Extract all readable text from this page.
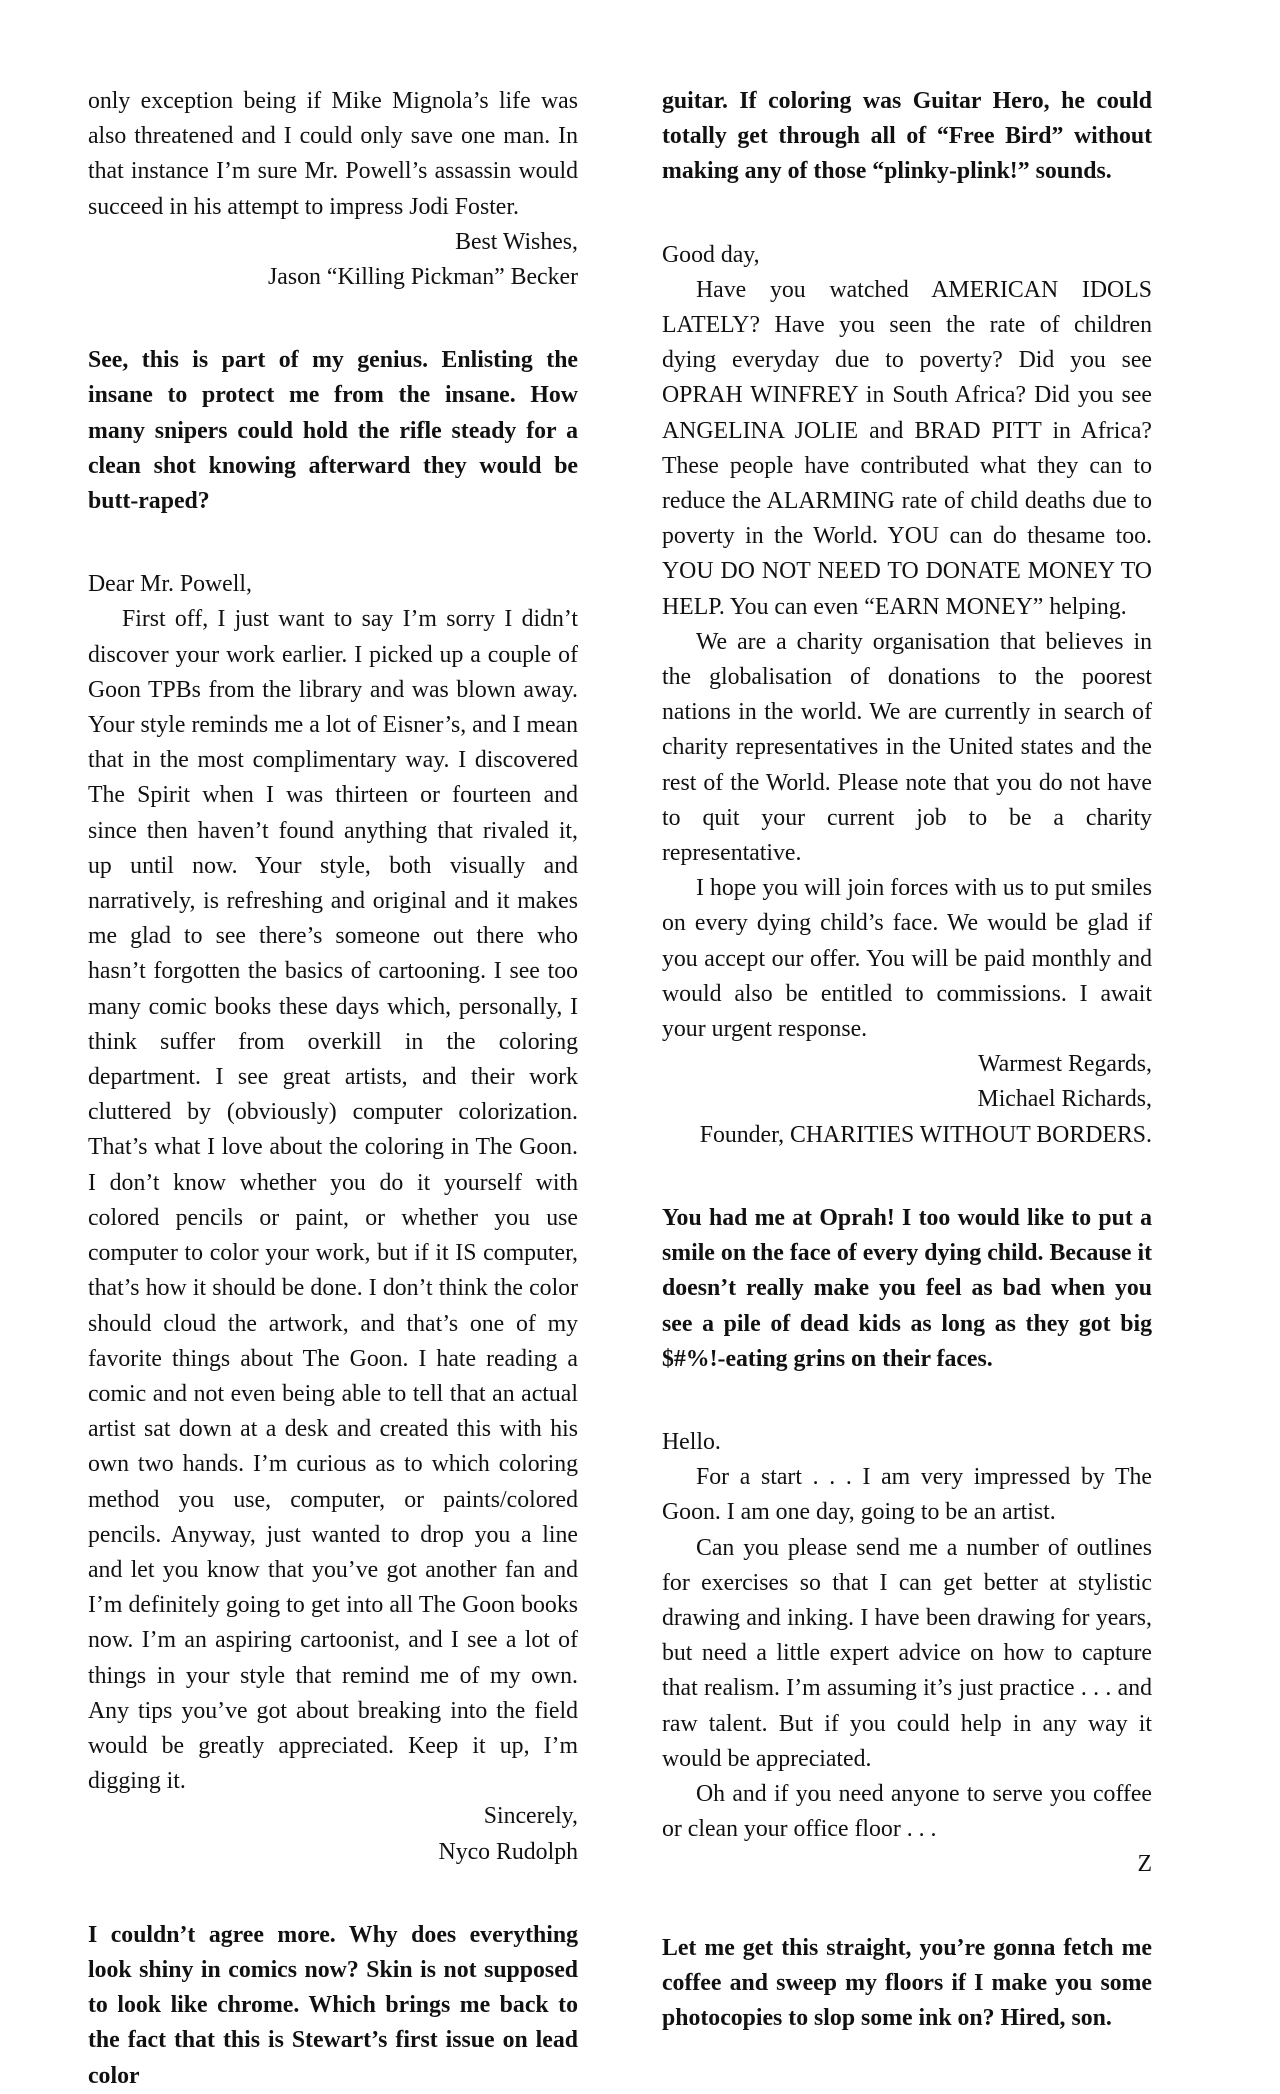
only exception being if Mike Mignola’s life was also threatened and I could only save one man. In that instance I’m sure Mr. Powell’s assassin would succeed in his attempt to impress Jodi Foster.

Best Wishes,

Jason “Killing Pickman” Becker

See, this is part of my genius. Enlisting the insane to protect me from the insane. How many snipers could hold the rifle steady for a clean shot knowing afterward they would be butt-raped?

Dear Mr. Powell,

First off, I just want to say I’m sorry I didn’t discover your work earlier. I picked up a couple of Goon TPBs from the library and was blown away. Your style reminds me a lot of Eisner’s, and I mean that in the most complimentary way. I discovered The Spirit when I was thirteen or fourteen and since then haven’t found anything that rivaled it, up until now. Your style, both visually and narratively, is refreshing and original and it makes me glad to see there’s someone out there who hasn’t forgotten the basics of cartooning. I see too many comic books these days which, personally, I think suffer from overkill in the coloring department. I see great artists, and their work cluttered by (obviously) computer colorization. That’s what I love about the coloring in The Goon. I don’t know whether you do it yourself with colored pencils or paint, or whether you use computer to color your work, but if it IS computer, that’s how it should be done. I don’t think the color should cloud the artwork, and that’s one of my favorite things about The Goon. I hate reading a comic and not even being able to tell that an actual artist sat down at a desk and created this with his own two hands. I’m curious as to which coloring method you use, computer, or paints/colored pencils. Anyway, just wanted to drop you a line and let you know that you’ve got another fan and I’m definitely going to get into all The Goon books now. I’m an aspiring cartoonist, and I see a lot of things in your style that remind me of my own. Any tips you’ve got about breaking into the field would be greatly appreciated. Keep it up, I’m digging it.

Sincerely,

Nyco Rudolph

I couldn’t agree more. Why does everything look shiny in comics now? Skin is not supposed to look like chrome. Which brings me back to the fact that this is Stewart’s first issue on lead color

guitar. If coloring was Guitar Hero, he could totally get through all of “Free Bird” without making any of those “plinky-plink!” sounds.

Good day,

Have you watched AMERICAN IDOLS LATELY? Have you seen the rate of children dying everyday due to poverty? Did you see OPRAH WINFREY in South Africa? Did you see ANGELINA JOLIE and BRAD PITT in Africa? These people have contributed what they can to reduce the ALARMING rate of child deaths due to poverty in the World. YOU can do thesame too. YOU DO NOT NEED TO DONATE MONEY TO HELP. You can even “EARN MONEY” helping.

We are a charity organisation that believes in the globalisation of donations to the poorest nations in the world. We are currently in search of charity representatives in the United states and the rest of the World. Please note that you do not have to quit your current job to be a charity representative.

I hope you will join forces with us to put smiles on every dying child’s face. We would be glad if you accept our offer. You will be paid monthly and would also be entitled to commissions. I await your urgent response.

Warmest Regards,

Michael Richards,

Founder, CHARITIES WITHOUT BORDERS.

You had me at Oprah! I too would like to put a smile on the face of every dying child. Because it doesn’t really make you feel as bad when you see a pile of dead kids as long as they got big $#%!-eating grins on their faces.

Hello.

For a start . . . I am very impressed by The Goon. I am one day, going to be an artist.

Can you please send me a number of outlines for exercises so that I can get better at stylistic drawing and inking. I have been drawing for years, but need a little expert advice on how to capture that realism. I’m assuming it’s just practice . . . and raw talent. But if you could help in any way it would be appreciated.

Oh and if you need anyone to serve you coffee or clean your office floor . . .

Z

Let me get this straight, you’re gonna fetch me coffee and sweep my floors if I make you some photocopies to slop some ink on? Hired, son.
